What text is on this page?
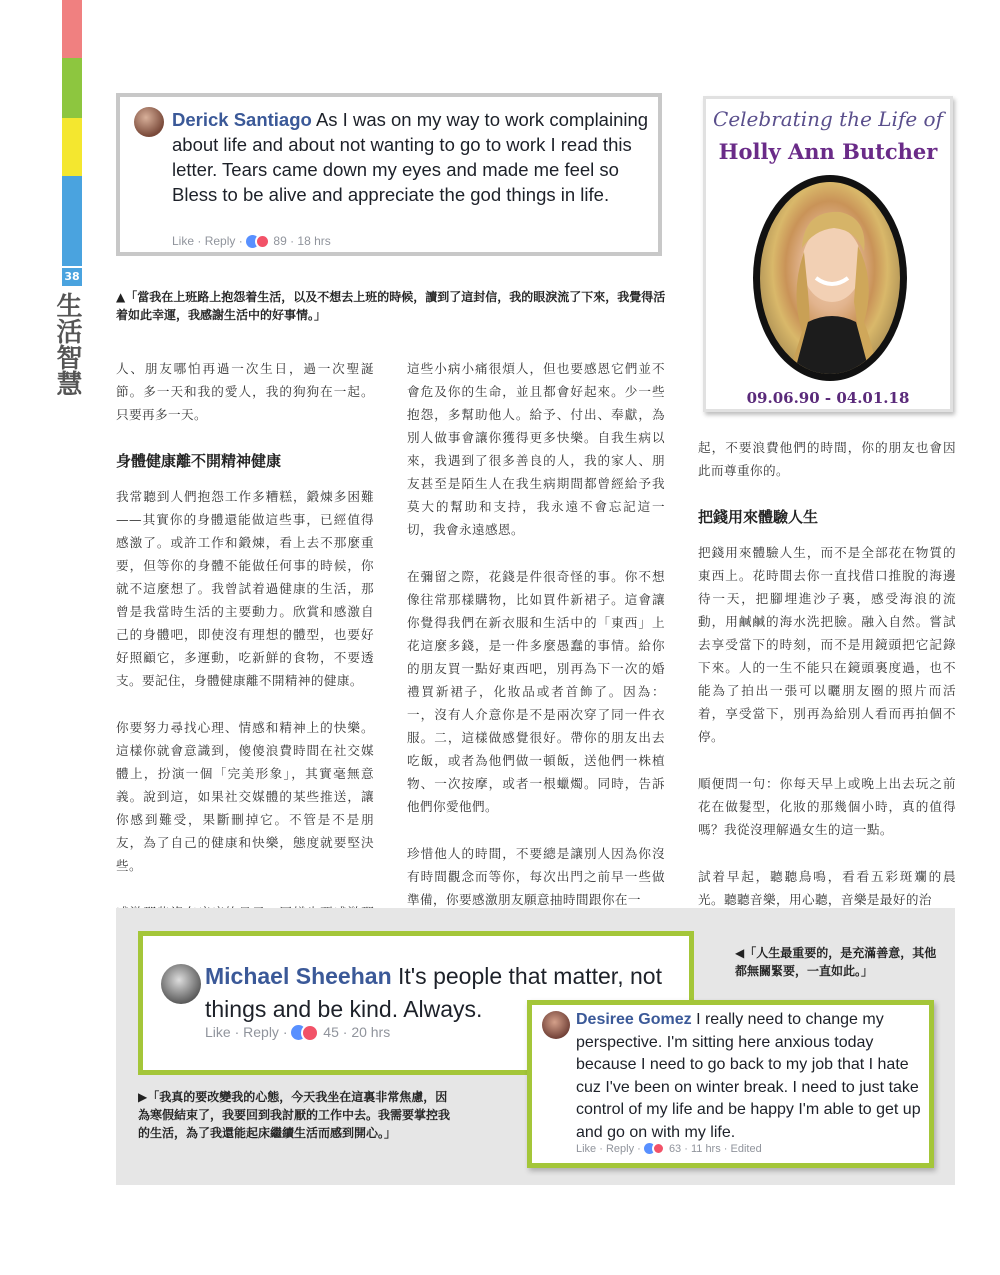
38
生活智慧
Derick Santiago As I was on my way to work complaining about life and about not wanting to go to work I read this letter. Tears came down my eyes and made me feel so Bless to be alive and appreciate the god things in life.
Like · Reply ·
89 · 18 hrs
▲「當我在上班路上抱怨着生活，以及不想去上班的時候，讀到了這封信，我的眼淚流了下來，我覺得活着如此幸運，我感謝生活中的好事情。」
Celebrating the Life of
Holly Ann Butcher
09.06.90 - 04.01.18

人、朋友哪怕再過一次生日，過一次聖誕節。多一天和我的愛人，我的狗狗在一起。只要再多一天。

身體健康離不開精神健康

我常聽到人們抱怨工作多糟糕，鍛煉多困難——其實你的身體還能做這些事，已經值得感激了。或許工作和鍛煉，看上去不那麼重要，但等你的身體不能做任何事的時候，你就不這麼想了。我曾試着過健康的生活，那曾是我當時生活的主要動力。欣賞和感激自己的身體吧，即使沒有理想的體型，也要好好照顧它，多運動，吃新鮮的食物，不要透支。要記住，身體健康離不開精神的健康。

你要努力尋找心理、情感和精神上的快樂。這樣你就會意識到，傻傻浪費時間在社交媒體上，扮演一個「完美形象」，其實毫無意義。說到這，如果社交媒體的某些推送，讓你感到難受，果斷刪掉它。不管是不是朋友，為了自己的健康和快樂，態度就要堅決些。

這些小病小痛很煩人，但也要感恩它們並不會危及你的生命，並且都會好起來。少一些抱怨，多幫助他人。給予、付出、奉獻，為別人做事會讓你獲得更多快樂。自我生病以來，我遇到了很多善良的人，我的家人、朋友甚至是陌生人在我生病期間都曾經給予我莫大的幫助和支持，我永遠不會忘記這一切，我會永遠感恩。

在彌留之際，花錢是件很奇怪的事。你不想像往常那樣購物，比如買件新裙子。這會讓你覺得我們在新衣服和生活中的「東西」上花這麼多錢，是一件多麼愚蠢的事情。給你的朋友買一點好東西吧，別再為下一次的婚禮買新裙子，化妝品或者首飾了。因為：一，沒有人介意你是不是兩次穿了同一件衣服。二，這樣做感覺很好。帶你的朋友出去吃飯，或者為他們做一頓飯，送他們一株植物、一次按摩，或者一根蠟燭。同時，告訴他們你愛他們。

珍惜他人的時間，不要總是讓別人因為你沒有時間觀念而等你，每次出門之前早一些做準備，你要感激朋友願意抽時間跟你在一

起，不要浪費他們的時間，你的朋友也會因此而尊重你的。

把錢用來體驗人生

把錢用來體驗人生，而不是全部花在物質的東西上。花時間去你一直找借口推脫的海邊待一天，把腳埋進沙子裏，感受海浪的流動，用鹹鹹的海水洗把臉。融入自然。嘗試去享受當下的時刻，而不是用鏡頭把它記錄下來。人的一生不能只在鏡頭裏度過，也不能為了拍出一張可以曬朋友圈的照片而活着，享受當下，別再為給別人看而再拍個不停。

順便問一句：你每天早上或晚上出去玩之前花在做髮型，化妝的那幾個小時，真的值得嗎？我從沒理解過女生的這一點。

試着早起，聽聽鳥鳴，看看五彩斑斕的晨光。聽聽音樂，用心聽，音樂是最好的治

Michael Sheehan It's people that matter, not things and be kind. Always.
Like · Reply ·
45 · 20 hrs
◀「人生最重要的，是充滿善意，其他都無關緊要，一直如此。」
▶「我真的要改變我的心態，今天我坐在這裏非常焦慮，因為寒假結束了，我要回到我討厭的工作中去。我需要掌控我的生活，為了我還能起床繼續生活而感到開心。」
Desiree Gomez I really need to change my perspective. I'm sitting here anxious today because I need to go back to my job that I hate cuz I've been on winter break. I need to just take control of my life and be happy I'm able to get up and go on with my life.
Like · Reply ·
63 · 11 hrs · Edited
